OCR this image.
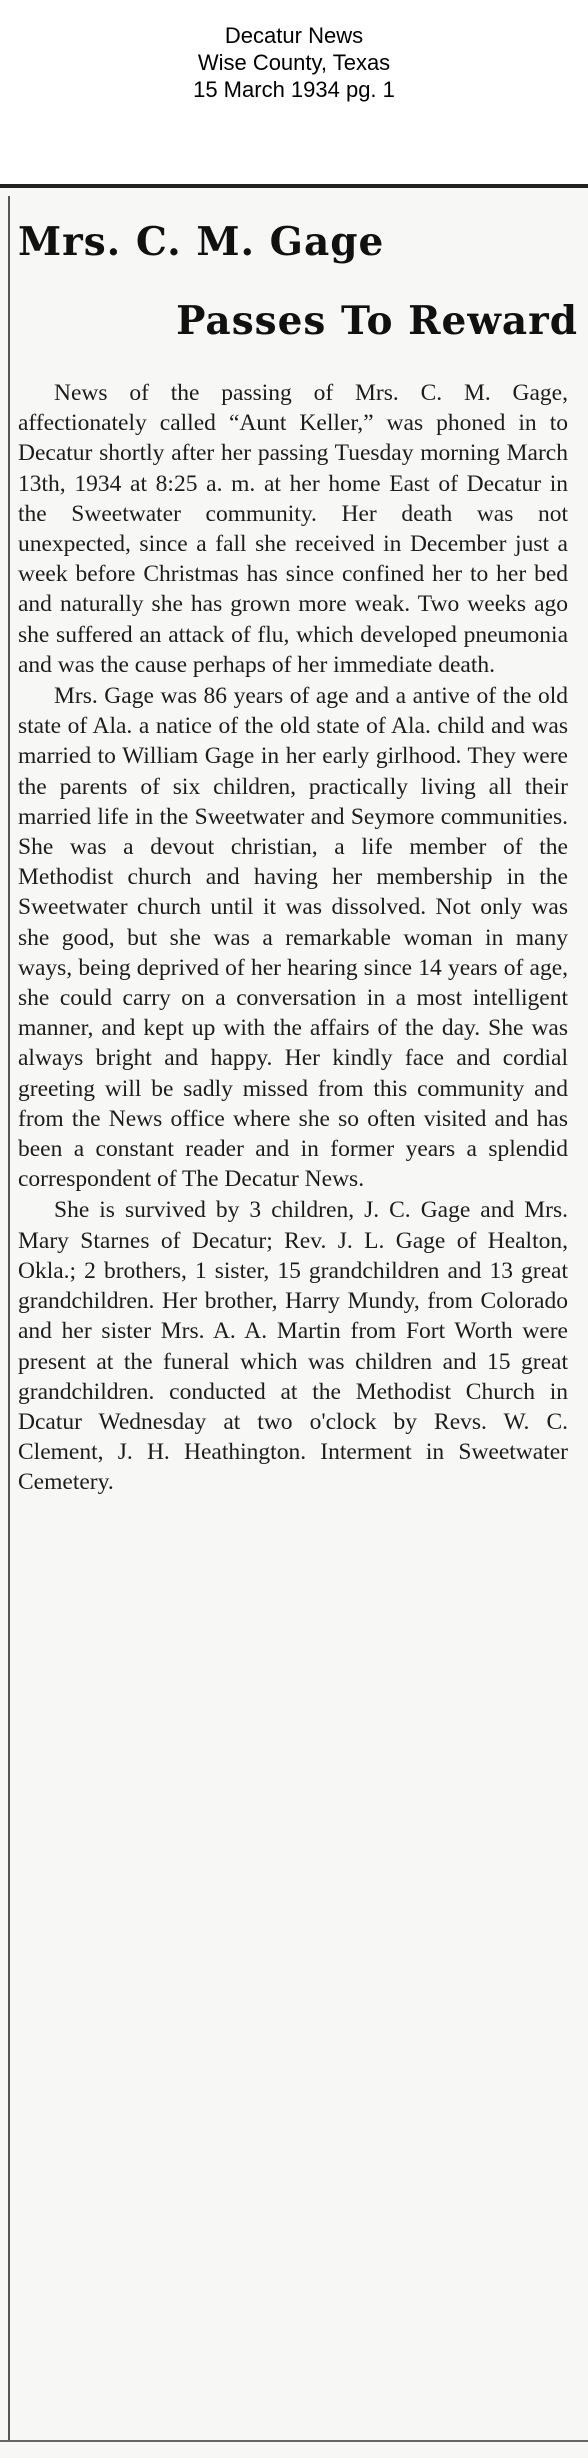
Decatur News
Wise County, Texas
15 March 1934 pg. 1
Mrs. C. M. Gage
Passes To Reward

News of the passing of Mrs. C. M. Gage, affectionately called “Aunt Keller,” was phoned in to Decatur shortly after her passing Tuesday morning March 13th, 1934 at 8:25 a. m. at her home East of Decatur in the Sweetwater community. Her death was not unexpected, since a fall she received in December just a week before Christmas has since confined her to her bed and naturally she has grown more weak. Two weeks ago she suffered an attack of flu, which developed pneumonia and was the cause perhaps of her immediate death.

Mrs. Gage was 86 years of age and a antive of the old state of Ala. a natice of the old state of Ala. child and was married to William Gage in her early girlhood. They were the parents of six children, practically living all their married life in the Sweetwater and Seymore communities. She was a devout christian, a life member of the Methodist church and having her membership in the Sweetwater church until it was dissolved. Not only was she good, but she was a remarkable woman in many ways, being deprived of her hearing since 14 years of age, she could carry on a conversation in a most intelligent manner, and kept up with the affairs of the day. She was always bright and happy. Her kindly face and cordial greeting will be sadly missed from this community and from the News office where she so often visited and has been a constant reader and in former years a splendid correspondent of The Decatur News.

She is survived by 3 children, J. C. Gage and Mrs. Mary Starnes of Decatur; Rev. J. L. Gage of Healton, Okla.; 2 brothers, 1 sister, 15 grandchildren and 13 great grandchildren. Her brother, Harry Mundy, from Colorado and her sister Mrs. A. A. Martin from Fort Worth were present at the funeral which was children and 15 great grandchildren. conducted at the Methodist Church in Dcatur Wednesday at two o'clock by Revs. W. C. Clement, J. H. Heathington. Interment in Sweetwater Cemetery.
